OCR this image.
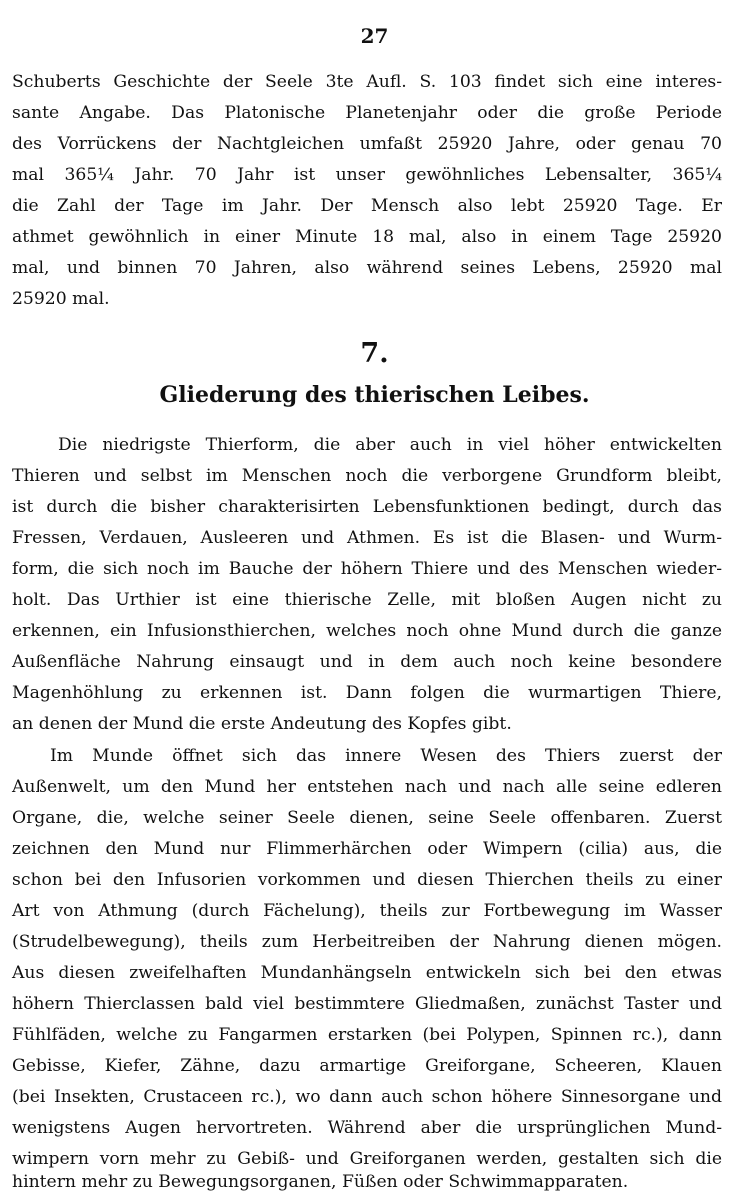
27
Schuberts Geschichte der Seele 3te Aufl. S. 103 findet sich eine interes-
sante Angabe. Das Platonische Planetenjahr oder die große Periode
des Vorrückens der Nachtgleichen umfaßt 25920 Jahre, oder genau 70
mal 365¼ Jahr. 70 Jahr ist unser gewöhnliches Lebensalter, 365¼
die Zahl der Tage im Jahr. Der Mensch also lebt 25920 Tage. Er
athmet gewöhnlich in einer Minute 18 mal, also in einem Tage 25920
mal, und binnen 70 Jahren, also während seines Lebens, 25920 mal
25920 mal.
7.
Gliederung des thierischen Leibes.
Die niedrigste Thierform, die aber auch in viel höher entwickelten
Thieren und selbst im Menschen noch die verborgene Grundform bleibt,
ist durch die bisher charakterisirten Lebensfunktionen bedingt, durch das
Fressen, Verdauen, Ausleeren und Athmen. Es ist die Blasen- und Wurm-
form, die sich noch im Bauche der höhern Thiere und des Menschen wieder-
holt. Das Urthier ist eine thierische Zelle, mit bloßen Augen nicht zu
erkennen, ein Infusionsthierchen, welches noch ohne Mund durch die ganze
Außenfläche Nahrung einsaugt und in dem auch noch keine besondere
Magenhöhlung zu erkennen ist. Dann folgen die wurmartigen Thiere,
an denen der Mund die erste Andeutung des Kopfes gibt.
Im Munde öffnet sich das innere Wesen des Thiers zuerst der
Außenwelt, um den Mund her entstehen nach und nach alle seine edleren
Organe, die, welche seiner Seele dienen, seine Seele offenbaren. Zuerst
zeichnen den Mund nur Flimmerhärchen oder Wimpern (cilia) aus, die
schon bei den Infusorien vorkommen und diesen Thierchen theils zu einer
Art von Athmung (durch Fächelung), theils zur Fortbewegung im Wasser
(Strudelbewegung), theils zum Herbeitreiben der Nahrung dienen mögen.
Aus diesen zweifelhaften Mundanhängseln entwickeln sich bei den etwas
höhern Thierclassen bald viel bestimmtere Gliedmaßen, zunächst Taster und
Fühlfäden, welche zu Fangarmen erstarken (bei Polypen, Spinnen rc.), dann
Gebisse, Kiefer, Zähne, dazu armartige Greiforgane, Scheeren, Klauen
(bei Insekten, Crustaceen rc.), wo dann auch schon höhere Sinnesorgane und
wenigstens Augen hervortreten. Während aber die ursprünglichen Mund-
wimpern vorn mehr zu Gebiß- und Greiforganen werden, gestalten sich die
hintern mehr zu Bewegungsorganen, Füßen oder Schwimmapparaten.
